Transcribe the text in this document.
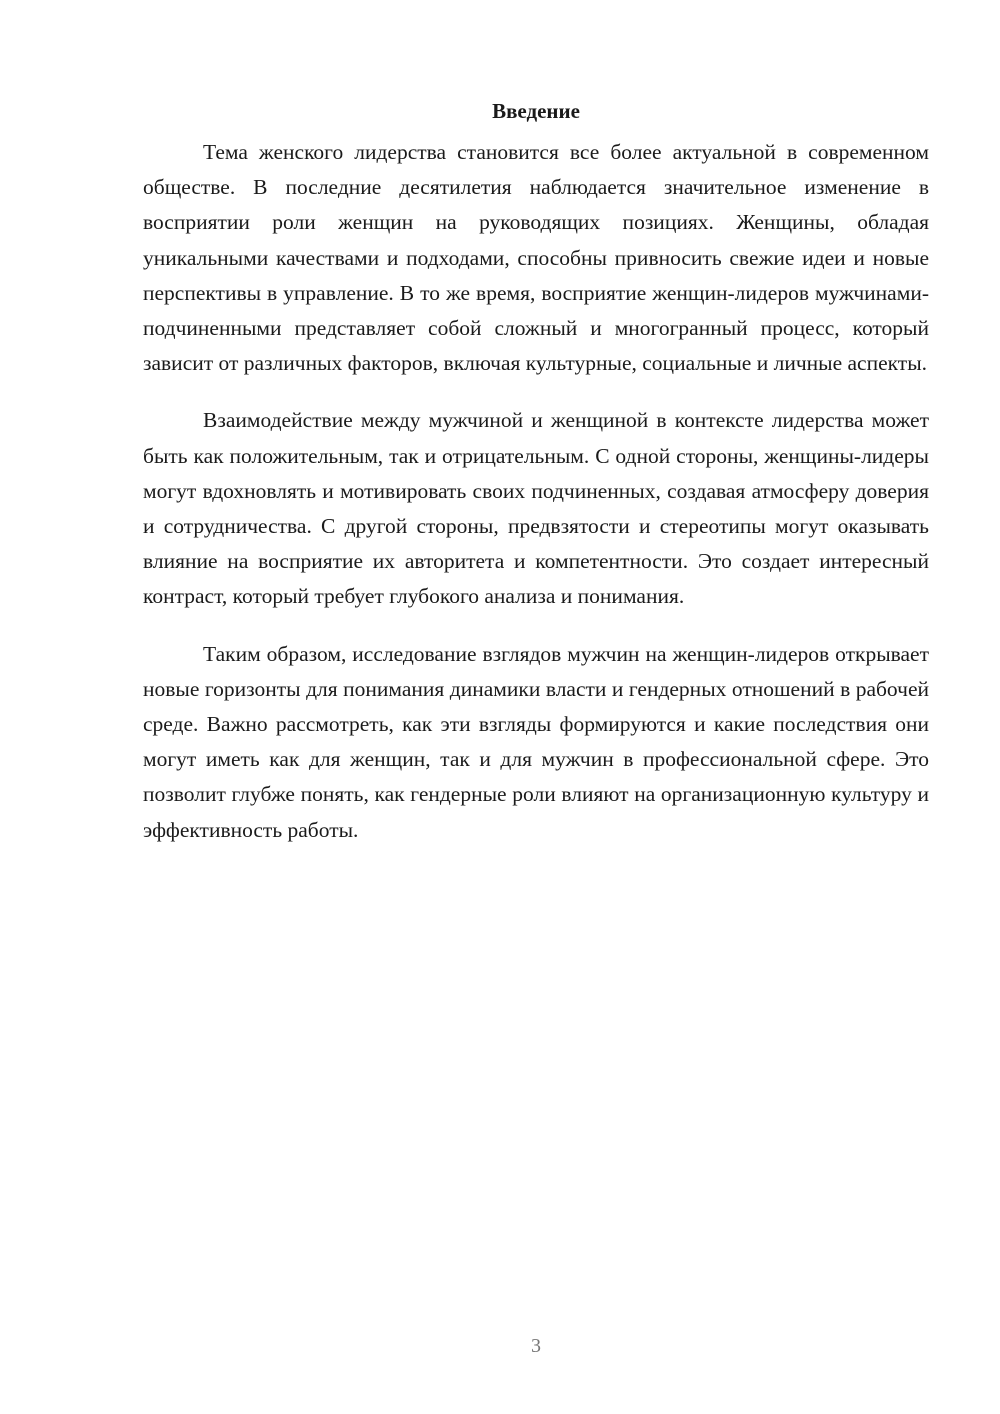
Введение

Тема женского лидерства становится все более актуальной в современном обществе. В последние десятилетия наблюдается значительное изменение в восприятии роли женщин на руководящих позициях. Женщины, обладая уникальными качествами и подходами, способны привносить свежие идеи и новые перспективы в управление. В то же время, восприятие женщин-лидеров мужчинами-подчиненными представляет собой сложный и многогранный процесс, который зависит от различных факторов, включая культурные, социальные и личные аспекты.

Взаимодействие между мужчиной и женщиной в контексте лидерства может быть как положительным, так и отрицательным. С одной стороны, женщины-лидеры могут вдохновлять и мотивировать своих подчиненных, создавая атмосферу доверия и сотрудничества. С другой стороны, предвзятости и стереотипы могут оказывать влияние на восприятие их авторитета и компетентности. Это создает интересный контраст, который требует глубокого анализа и понимания.

Таким образом, исследование взглядов мужчин на женщин-лидеров открывает новые горизонты для понимания динамики власти и гендерных отношений в рабочей среде. Важно рассмотреть, как эти взгляды формируются и какие последствия они могут иметь как для женщин, так и для мужчин в профессиональной сфере. Это позволит глубже понять, как гендерные роли влияют на организационную культуру и эффективность работы.

3
